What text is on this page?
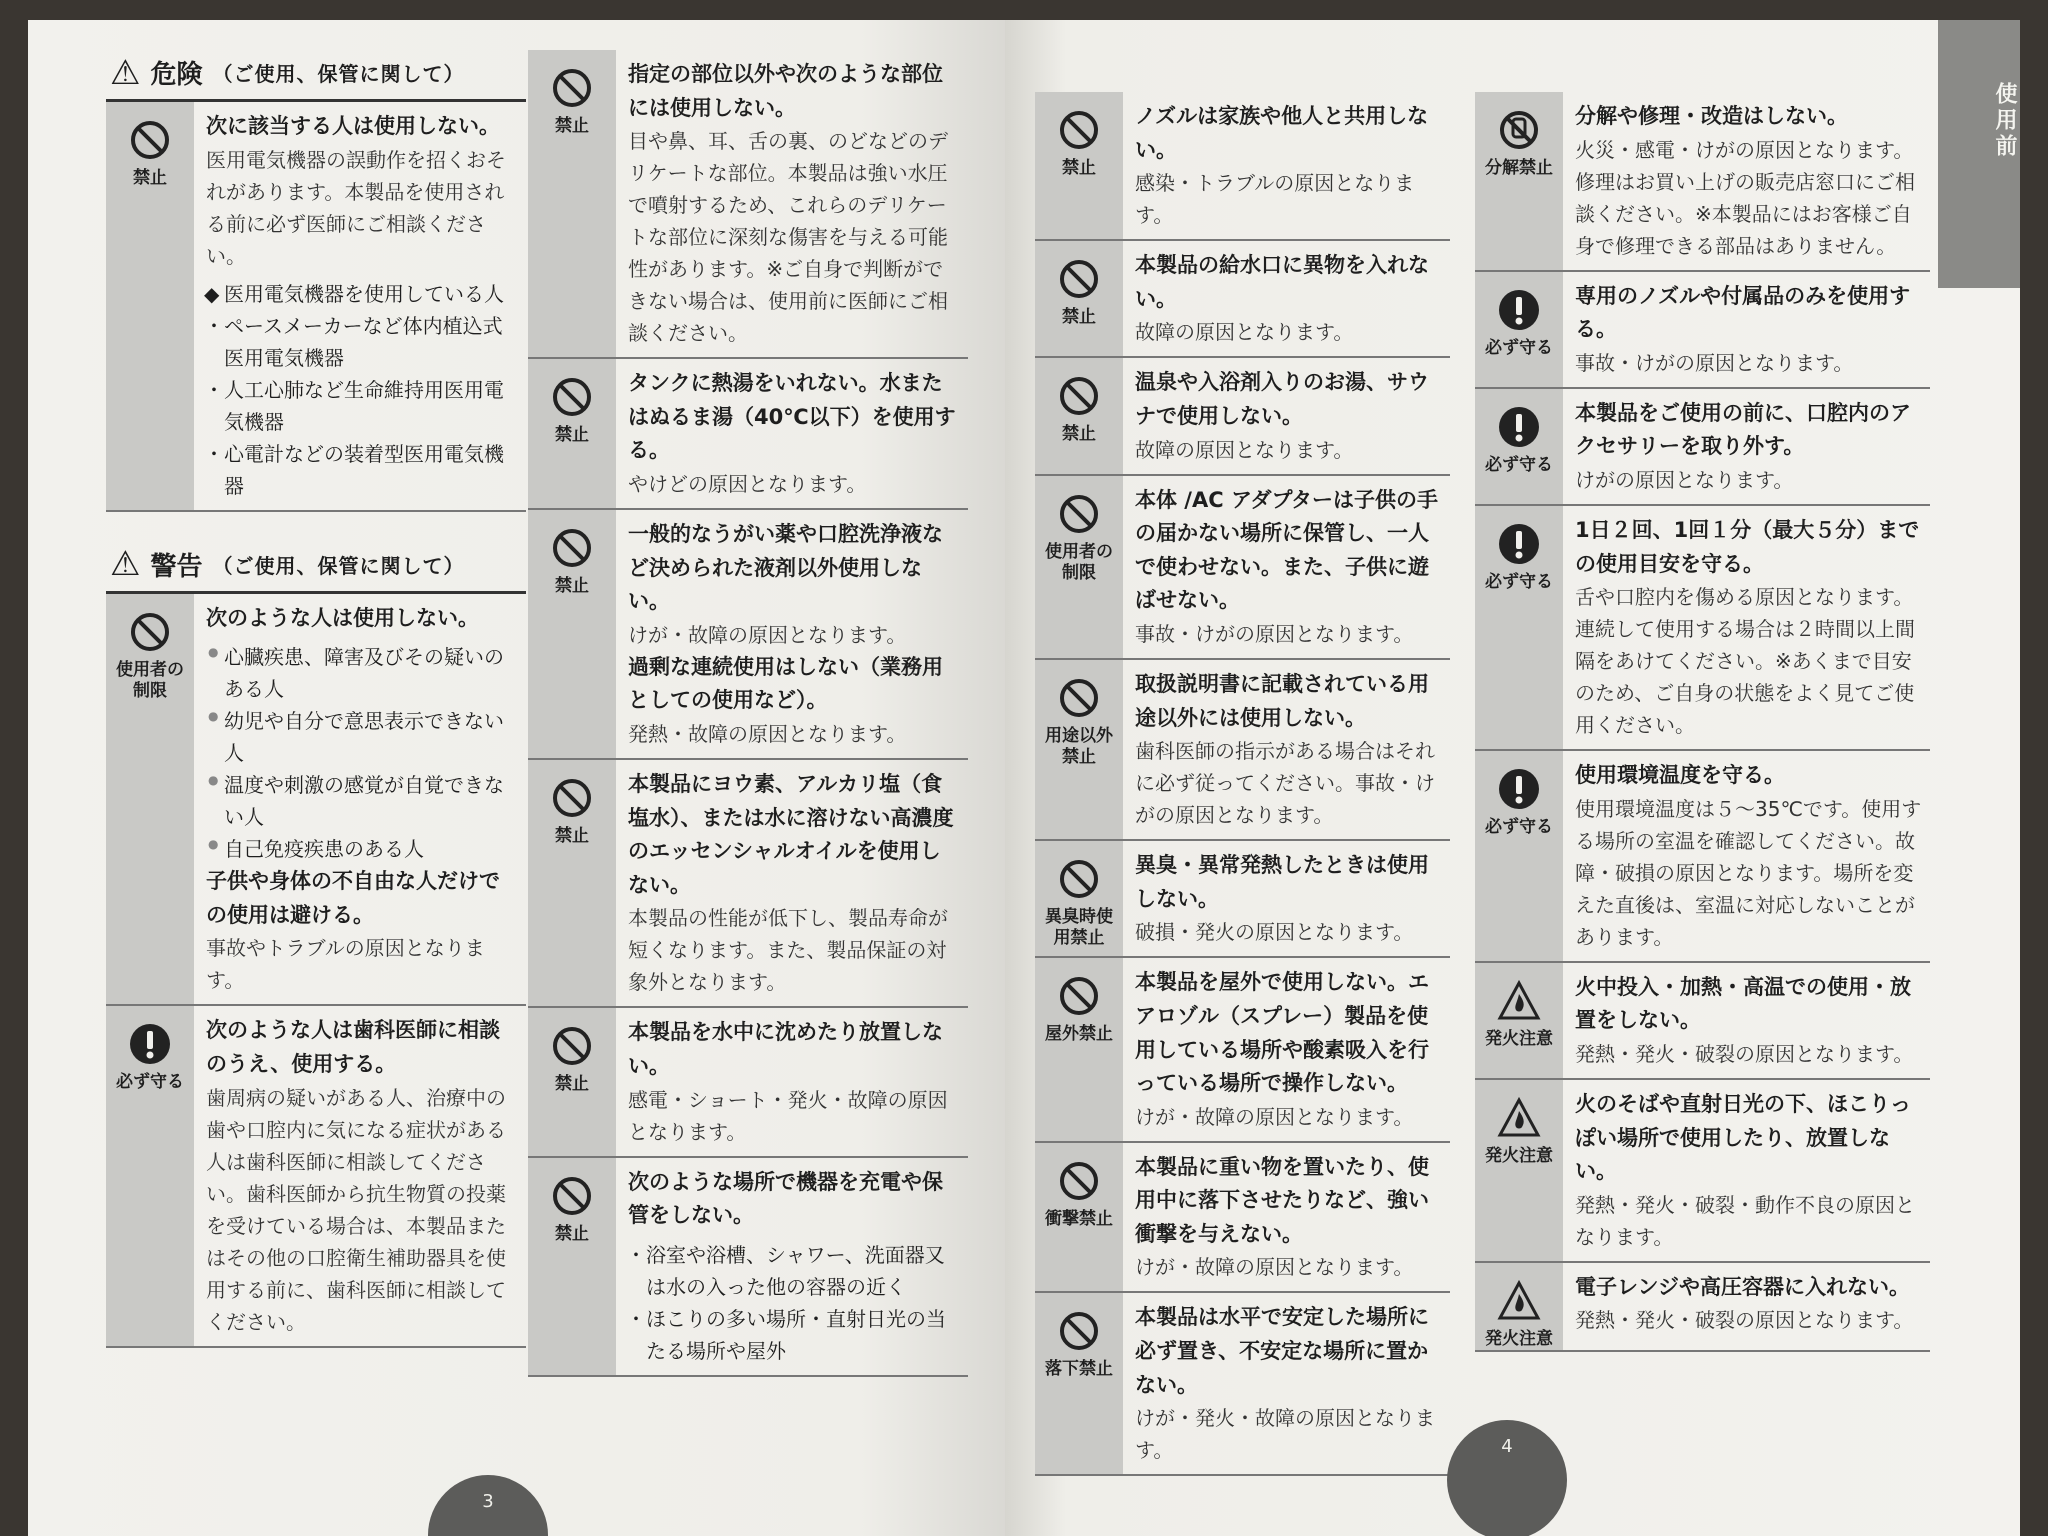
⚠ 危険 （ご使用、保管に関して）
禁止
次に該当する人は使用しない。
医用電気機器の誤動作を招くおそれがあります。本製品を使用される前に必ず医師にご相談ください。
◆ 医用電気機器を使用している人
・ ペースメーカーなど体内植込式医用電気機器
・ 人工心肺など生命維持用医用電気機器
・ 心電計などの装着型医用電気機器
⚠ 警告 （ご使用、保管に関して）
使用者の制限
次のような人は使用しない。
● 心臓疾患、障害及びその疑いのある人
● 幼児や自分で意思表示できない人
● 温度や刺激の感覚が自覚できない人
● 自己免疫疾患のある人
子供や身体の不自由な人だけでの使用は避ける。
事故やトラブルの原因となります。
必ず守る
次のような人は歯科医師に相談のうえ、使用する。
歯周病の疑いがある人、治療中の歯や口腔内に気になる症状がある人は歯科医師に相談してください。歯科医師から抗生物質の投薬を受けている場合は、本製品またはその他の口腔衛生補助器具を使用する前に、歯科医師に相談してください。
禁止
指定の部位以外や次のような部位には使用しない。
目や鼻、耳、舌の裏、のどなどのデリケートな部位。本製品は強い水圧で噴射するため、これらのデリケートな部位に深刻な傷害を与える可能性があります。※ご自身で判断ができない場合は、使用前に医師にご相談ください。
禁止
タンクに熱湯をいれない。水またはぬるま湯（40℃以下）を使用する。
やけどの原因となります。
禁止
一般的なうがい薬や口腔洗浄液など決められた液剤以外使用しない。
けが・故障の原因となります。
過剰な連続使用はしない（業務用としての使用など）。
発熱・故障の原因となります。
禁止
本製品にヨウ素、アルカリ塩（食塩水）、または水に溶けない高濃度のエッセンシャルオイルを使用しない。
本製品の性能が低下し、製品寿命が短くなります。また、製品保証の対象外となります。
禁止
本製品を水中に沈めたり放置しない。
感電・ショート・発火・故障の原因となります。
禁止
次のような場所で機器を充電や保管をしない。
・ 浴室や浴槽、シャワー、洗面器又は水の入った他の容器の近く
・ ほこりの多い場所・直射日光の当たる場所や屋外
3
使用前
禁止
ノズルは家族や他人と共用しない。
感染・トラブルの原因となります。
禁止
本製品の給水口に異物を入れない。
故障の原因となります。
禁止
温泉や入浴剤入りのお湯、サウナで使用しない。
故障の原因となります。
使用者の制限
本体 /AC アダプターは子供の手の届かない場所に保管し、一人で使わせない。また、子供に遊ばせない。
事故・けがの原因となります。
用途以外禁止
取扱説明書に記載されている用途以外には使用しない。
歯科医師の指示がある場合はそれに必ず従ってください。事故・けがの原因となります。
異臭時使用禁止
異臭・異常発熱したときは使用しない。
破損・発火の原因となります。
屋外禁止
本製品を屋外で使用しない。エアロゾル（スプレー）製品を使用している場所や酸素吸入を行っている場所で操作しない。
けが・故障の原因となります。
衝撃禁止
本製品に重い物を置いたり、使用中に落下させたりなど、強い衝撃を与えない。
けが・故障の原因となります。
落下禁止
本製品は水平で安定した場所に必ず置き、不安定な場所に置かない。
けが・発火・故障の原因となります。
分解禁止
分解や修理・改造はしない。
火災・感電・けがの原因となります。修理はお買い上げの販売店窓口にご相談ください。※本製品にはお客様ご自身で修理できる部品はありません。
必ず守る
専用のノズルや付属品のみを使用する。
事故・けがの原因となります。
必ず守る
本製品をご使用の前に、口腔内のアクセサリーを取り外す。
けがの原因となります。
必ず守る
1日２回、1回１分（最大５分）までの使用目安を守る。
舌や口腔内を傷める原因となります。連続して使用する場合は２時間以上間隔をあけてください。※あくまで目安のため、ご自身の状態をよく見てご使用ください。
必ず守る
使用環境温度を守る。
使用環境温度は５～35℃です。使用する場所の室温を確認してください。故障・破損の原因となります。場所を変えた直後は、室温に対応しないことがあります。
発火注意
火中投入・加熱・高温での使用・放置をしない。
発熱・発火・破裂の原因となります。
発火注意
火のそばや直射日光の下、ほこりっぽい場所で使用したり、放置しない。
発熱・発火・破裂・動作不良の原因となります。
発火注意
電子レンジや高圧容器に入れない。
発熱・発火・破裂の原因となります。
4
